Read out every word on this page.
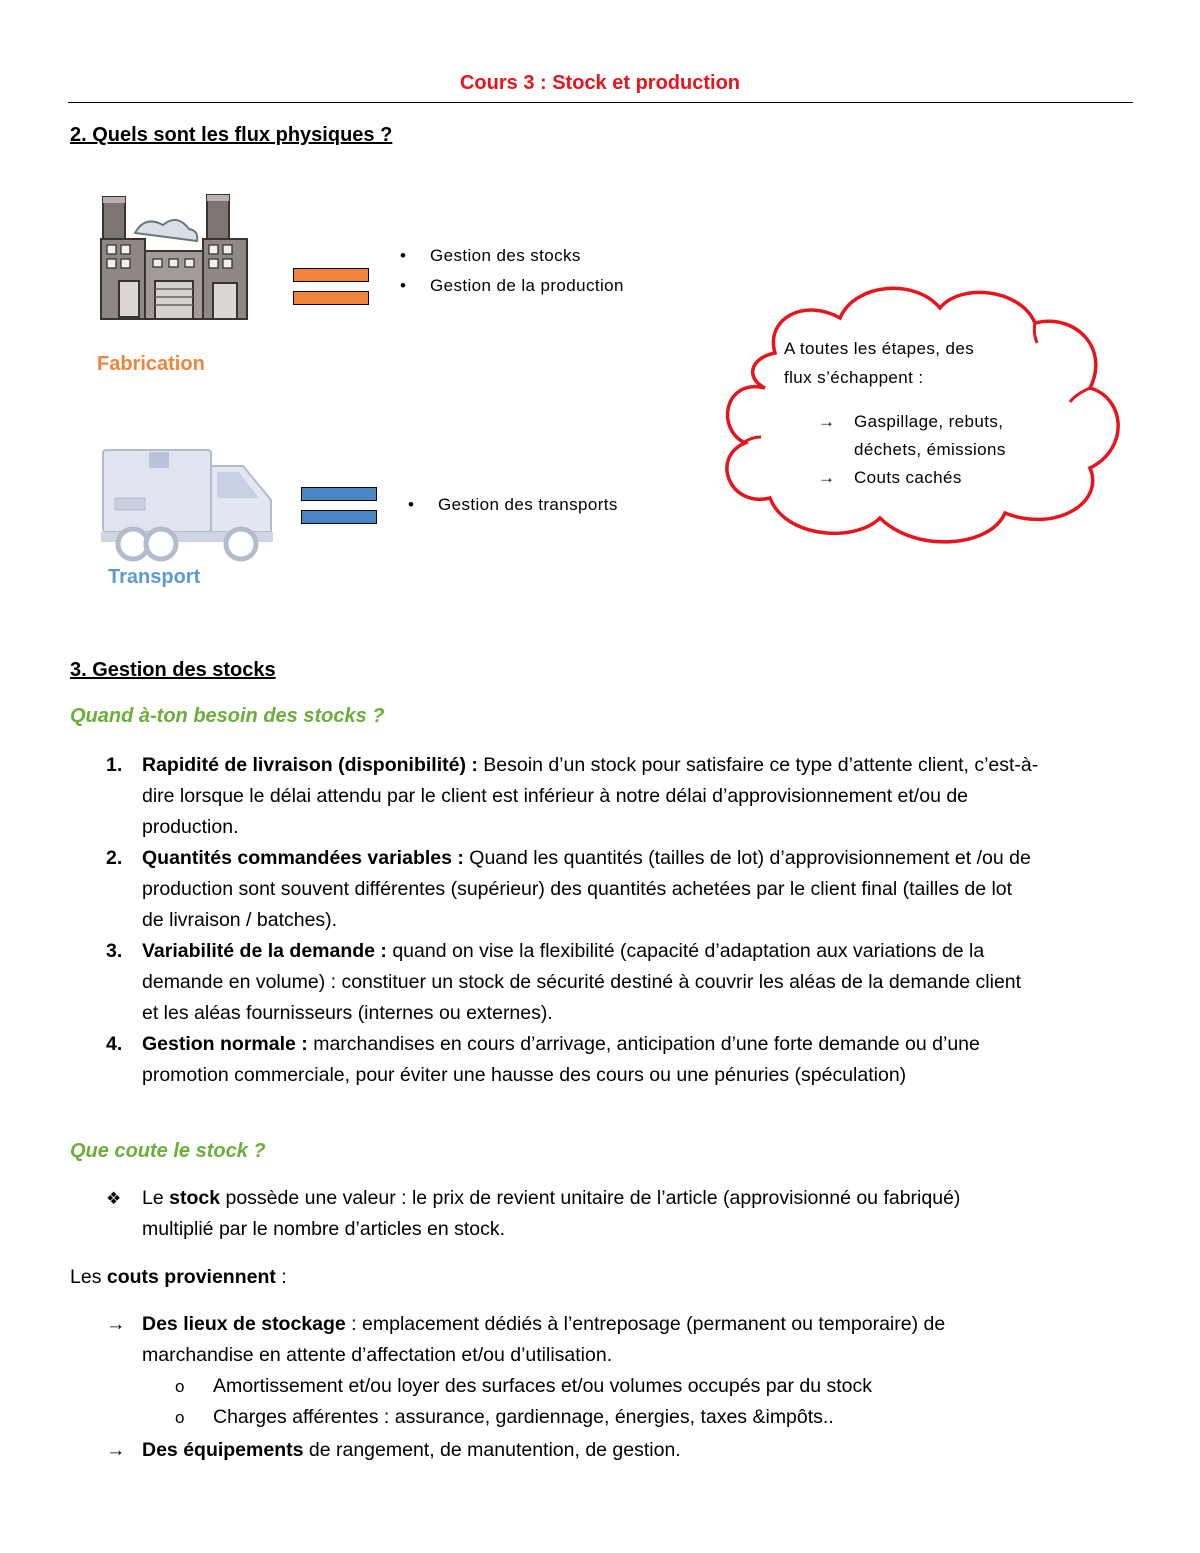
Cours 3 : Stock et production
2. Quels sont les flux physiques ?
Fabrication
• Gestion des stocks
• Gestion de la production
A toutes les étapes, des
flux s’échappent :
→ Gaspillage, rebuts,
déchets, émissions
→ Couts cachés
Transport
• Gestion des transports
3. Gestion des stocks
Quand à-ton besoin des stocks ?
1. Rapidité de livraison (disponibilité) : Besoin d’un stock pour satisfaire ce type d’attente client, c’est-à-
dire lorsque le délai attendu par le client est inférieur à notre délai d’approvisionnement et/ou de
production.
2. Quantités commandées variables : Quand les quantités (tailles de lot) d’approvisionnement et /ou de
production sont souvent différentes (supérieur) des quantités achetées par le client final (tailles de lot
de livraison / batches).
3. Variabilité de la demande : quand on vise la flexibilité (capacité d’adaptation aux variations de la
demande en volume) : constituer un stock de sécurité destiné à couvrir les aléas de la demande client
et les aléas fournisseurs (internes ou externes).
4. Gestion normale : marchandises en cours d’arrivage, anticipation d’une forte demande ou d’une
promotion commerciale, pour éviter une hausse des cours ou une pénuries (spéculation)
Que coute le stock ?
❖ Le stock possède une valeur : le prix de revient unitaire de l’article (approvisionné ou fabriqué)
multiplié par le nombre d’articles en stock.
Les couts proviennent :
→ Des lieux de stockage : emplacement dédiés à l’entreposage (permanent ou temporaire) de
marchandise en attente d’affectation et/ou d’utilisation.
o Amortissement et/ou loyer des surfaces et/ou volumes occupés par du stock
o Charges afférentes : assurance, gardiennage, énergies, taxes &impôts..
→ Des équipements de rangement, de manutention, de gestion.
